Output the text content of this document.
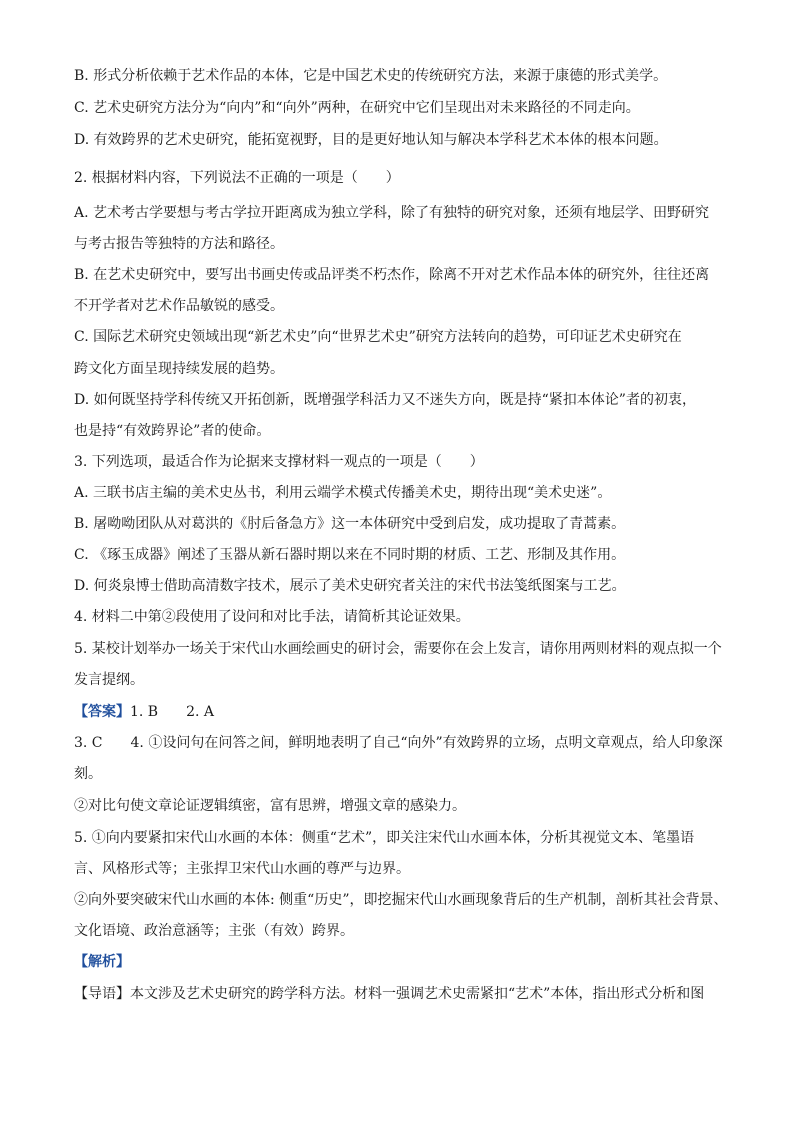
B. 形式分析依赖于艺术作品的本体，它是中国艺术史的传统研究方法，来源于康德的形式美学。
C. 艺术史研究方法分为“向内”和“向外”两种，在研究中它们呈现出对未来路径的不同走向。
D. 有效跨界的艺术史研究，能拓宽视野，目的是更好地认知与解决本学科艺术本体的根本问题。
2. 根据材料内容，下列说法不正确的一项是（　　）
A. 艺术考古学要想与考古学拉开距离成为独立学科，除了有独特的研究对象，还须有地层学、田野研究
与考古报告等独特的方法和路径。
B. 在艺术史研究中，要写出书画史传或品评类不朽杰作，除离不开对艺术作品本体的研究外，往往还离
不开学者对艺术作品敏锐的感受。
C. 国际艺术研究史领域出现“新艺术史”向“世界艺术史”研究方法转向的趋势，可印证艺术史研究在
跨文化方面呈现持续发展的趋势。
D. 如何既坚持学科传统又开拓创新，既增强学科活力又不迷失方向，既是持“紧扣本体论”者的初衷，
也是持“有效跨界论”者的使命。
3. 下列选项，最适合作为论据来支撑材料一观点的一项是（　　）
A. 三联书店主编的美术史丛书，利用云端学术模式传播美术史，期待出现“美术史迷”。
B. 屠呦呦团队从对葛洪的《肘后备急方》这一本体研究中受到启发，成功提取了青蒿素。
C. 《琢玉成器》阐述了玉器从新石器时期以来在不同时期的材质、工艺、形制及其作用。
D. 何炎泉博士借助高清数字技术，展示了美术史研究者关注的宋代书法笺纸图案与工艺。
4. 材料二中第②段使用了设问和对比手法，请简析其论证效果。
5. 某校计划举办一场关于宋代山水画绘画史的研讨会，需要你在会上发言，请你用两则材料的观点拟一个
发言提纲。
【答案】1. B　　2. A
3. C　　4. ①设问句在问答之间，鲜明地表明了自己“向外”有效跨界的立场，点明文章观点，给人印象深
刻。
②对比句使文章论证逻辑缜密，富有思辨，增强文章的感染力。
5. ①向内要紧扣宋代山水画的本体：侧重“艺术”，即关注宋代山水画本体，分析其视觉文本、笔墨语
言、风格形式等；主张捍卫宋代山水画的尊严与边界。
②向外要突破宋代山水画的本体: 侧重“历史”，即挖掘宋代山水画现象背后的生产机制，剖析其社会背景、
文化语境、政治意涵等；主张（有效）跨界。
【解析】
【导语】本文涉及艺术史研究的跨学科方法。材料一强调艺术史需紧扣“艺术”本体，指出形式分析和图
